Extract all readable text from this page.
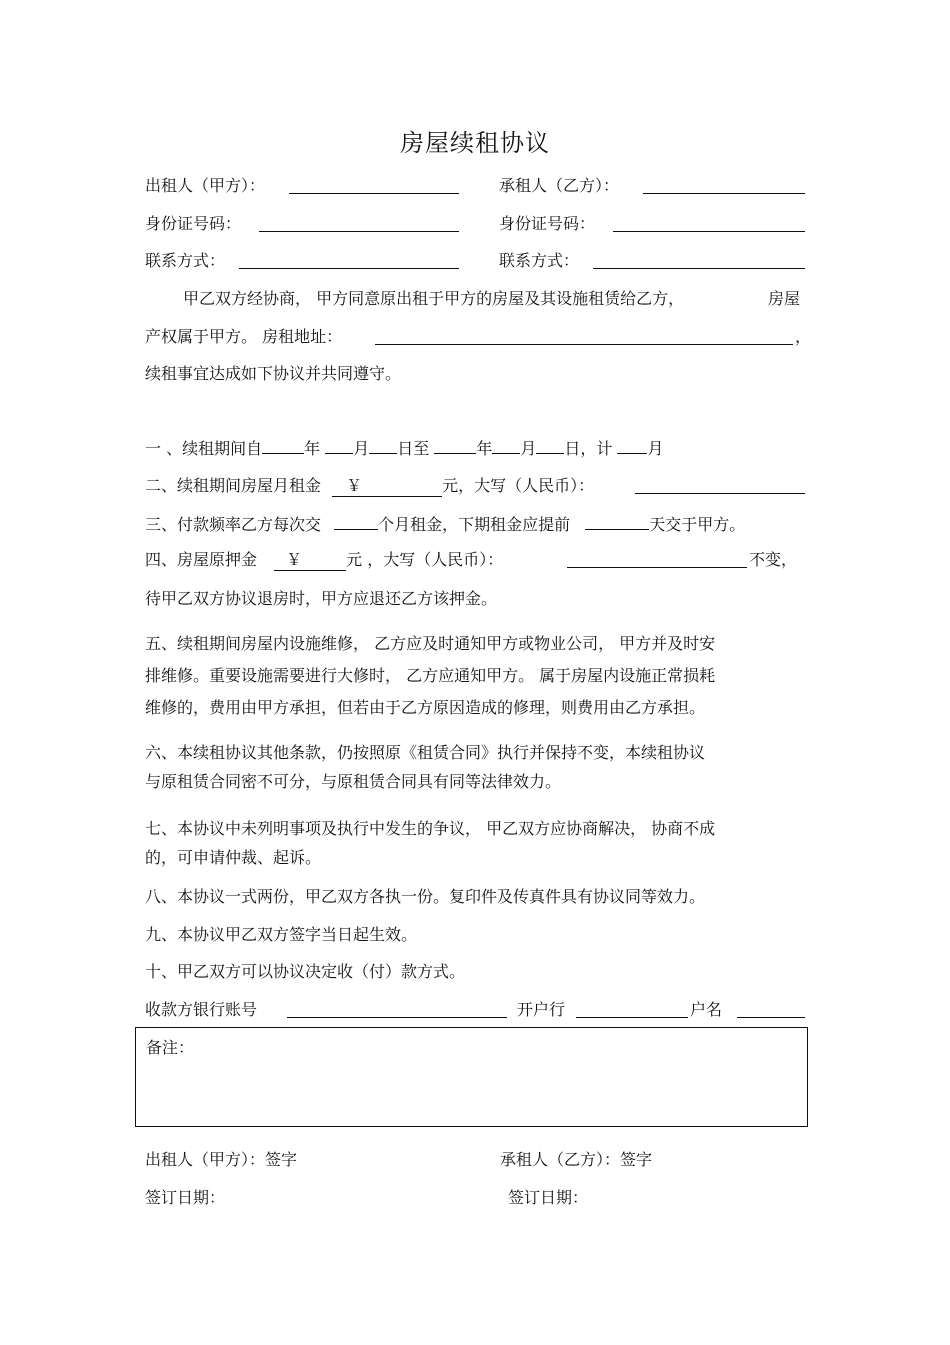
房屋续租协议
出租人（甲方）：	承租人（乙方）：
身份证号码：	身份证号码：
联系方式：	联系方式：
甲乙双方经协商， 甲方同意原出租于甲方的房屋及其设施租赁给乙方，	房屋
产权属于甲方。 房租地址：	，
续租事宜达成如下协议并共同遵守。
一 、续租期间自	年 月 日至	年 月 日，计 月
二、续租期间房屋月租金 ￥	元，大写（人民币）：
三、付款频率乙方每次交	个月租金，下期租金应提前	天交于甲方。
四、房屋原押金 ￥	元 ，大写（人民币）：	不变，
待甲乙双方协议退房时，甲方应退还乙方该押金。
五、续租期间房屋内设施维修， 乙方应及时通知甲方或物业公司， 甲方并及时安
排维修。重要设施需要进行大修时， 乙方应通知甲方。 属于房屋内设施正常损耗
维修的，费用由甲方承担，但若由于乙方原因造成的修理，则费用由乙方承担。
六、本续租协议其他条款，仍按照原《租赁合同》执行并保持不变，本续租协议
与原租赁合同密不可分，与原租赁合同具有同等法律效力。
七、本协议中未列明事项及执行中发生的争议， 甲乙双方应协商解决， 协商不成
的，可申请仲裁、起诉。
八、本协议一式两份，甲乙双方各执一份。复印件及传真件具有协议同等效力。
九、本协议甲乙双方签字当日起生效。
十、甲乙双方可以协议决定收（付）款方式。
收款方银行账号	开户行	户名
备注：
出租人（甲方）：签字	承租人（乙方）：签字
签订日期：	签订日期：
